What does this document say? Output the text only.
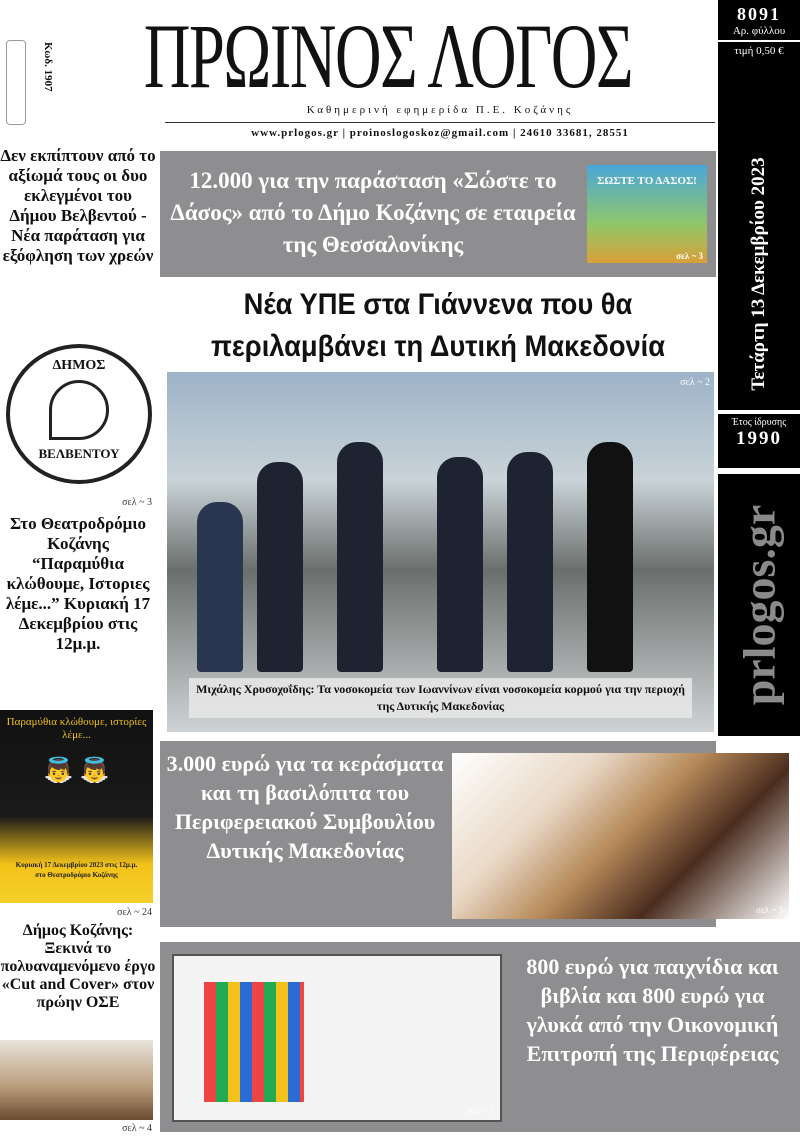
Κωδ. 1907 ΠΡΩΙΝΟΣ ΛΟΓΟΣ
Καθημερινή εφημερίδα Π.Ε. Κοζάνης
www.prlogos.gr | proinoslogoskoz@gmail.com | 24610 33681, 28551
8091
Αρ. φύλλου
τιμή 0,50 €
Τετάρτη 13 Δεκεμβρίου 2023
Έτος ίδρυσης
1990
prlogos.gr
Δεν εκπίπτουν από το αξίωμά τους οι δυο εκλεγμένοι του Δήμου Βελβεντού - Νέα παράταση για εξόφληση των χρεών
ΔΗΜΟΣ
ΒΕΛΒΕΝΤΟΥ
σελ ~ 3
Στο Θεατροδρόμιο Κοζάνης “Παραμύθια κλώθουμε, Ιστοριες λέμε...” Κυριακή 17 Δεκεμβρίου στις 12μ.μ.
Παραμύθια κλώθουμε, ιστορίες λέμε...
👼 👼
Κυριακή 17 Δεκεμβρίου 2023 στις 12μ.μ.
στο Θεατροδρόμιο Κοζάνης
σελ ~ 24
Δήμος Κοζάνης: Ξεκινά το πολυαναμενόμενο έργο «Cut and Cover» στον πρώην ΟΣΕ
σελ ~ 4
12.000 για την παράσταση «Σώστε το Δάσος» από το Δήμο Κοζάνης σε εταιρεία της Θεσσαλονίκης
ΣΩΣΤΕ ΤΟ ΔΑΣΟΣ!
σελ ~ 3
Μιχάλης Χρυσοχοΐδης: Τα νοσοκομεία των Ιωαννίνων είναι νοσοκομεία κορμού για την περιοχή της Δυτικής Μακεδονίας
Νέα ΥΠΕ στα Γιάννενα που θα περιλαμβάνει τη Δυτική Μακεδονία
σελ ~ 2
3.000 ευρώ για τα κεράσματα και τη βασιλόπιτα του Περιφερειακού Συμβουλίου Δυτικής Μακεδονίας
σελ ~ 3
σελ ~ 3
800 ευρώ για παιχνίδια και βιβλία και 800 ευρώ για γλυκά από την Οικονομική Επιτροπή της Περιφέρειας
